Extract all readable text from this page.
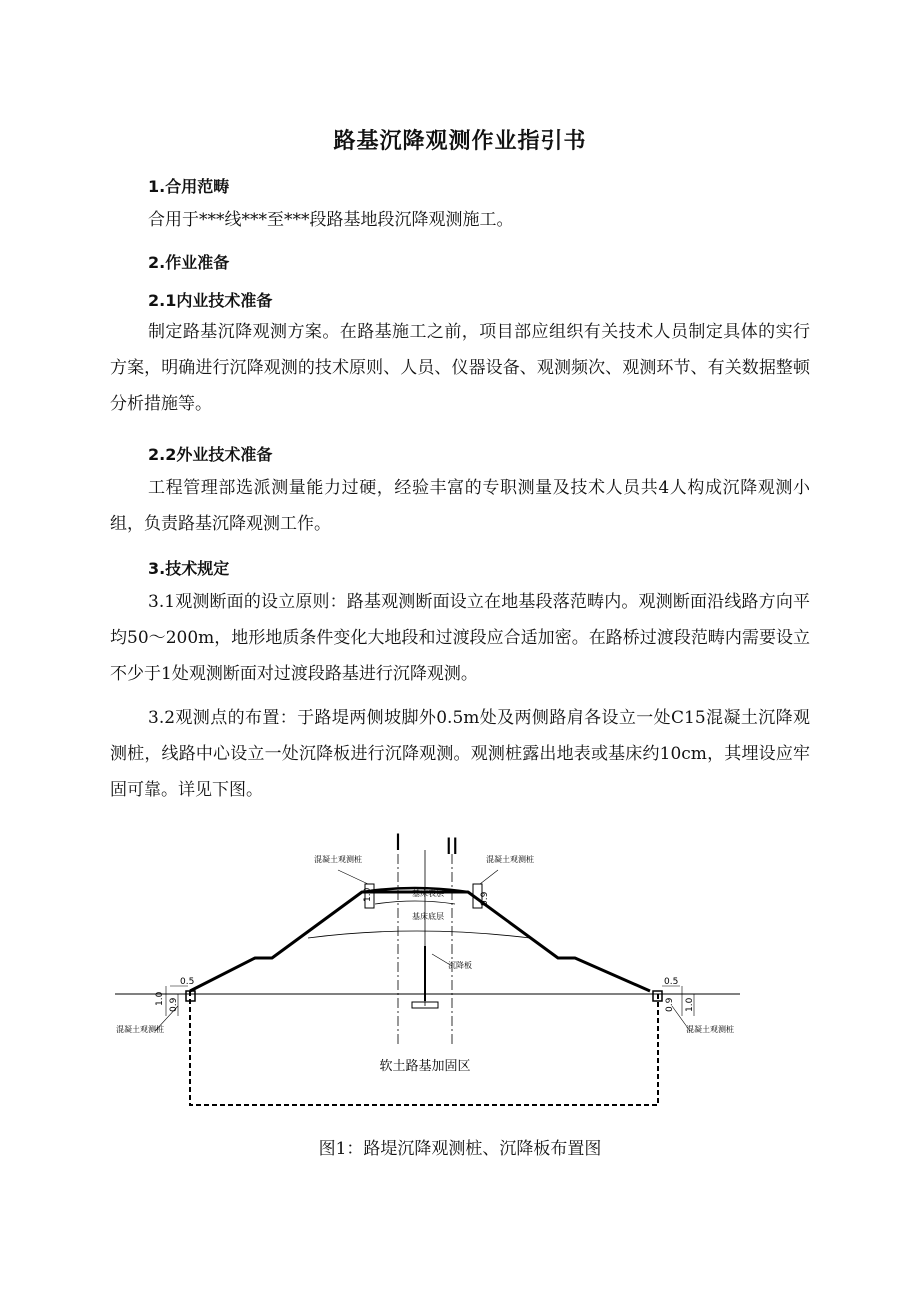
路基沉降观测作业指引书
1.合用范畴
合用于***线***至***段路基地段沉降观测施工。
2.作业准备
2.1内业技术准备
制定路基沉降观测方案。在路基施工之前，项目部应组织有关技术人员制定具体的实行方案，明确进行沉降观测的技术原则、人员、仪器设备、观测频次、观测环节、有关数据整顿分析措施等。
2.2外业技术准备
工程管理部选派测量能力过硬，经验丰富的专职测量及技术人员共4人构成沉降观测小组，负责路基沉降观测工作。
3.技术规定
3.1观测断面的设立原则：路基观测断面设立在地基段落范畴内。观测断面沿线路方向平均50～200m，地形地质条件变化大地段和过渡段应合适加密。在路桥过渡段范畴内需要设立不少于1处观测断面对过渡段路基进行沉降观测。
3.2观测点的布置：于路堤两侧坡脚外0.5m处及两侧路肩各设立一处C15混凝土沉降观测桩，线路中心设立一处沉降板进行沉降观测。观测桩露出地表或基床约10cm，其埋设应牢固可靠。详见下图。
I II
混凝土观测桩	混凝土观测桩
混凝土观测桩	混凝土观测桩
基床表层
基床底层
沉降板
软土路基加固区
0.5	0.5
1.0 0.9	1.0
0.9
1.0	0.9
图1：路堤沉降观测桩、沉降板布置图
